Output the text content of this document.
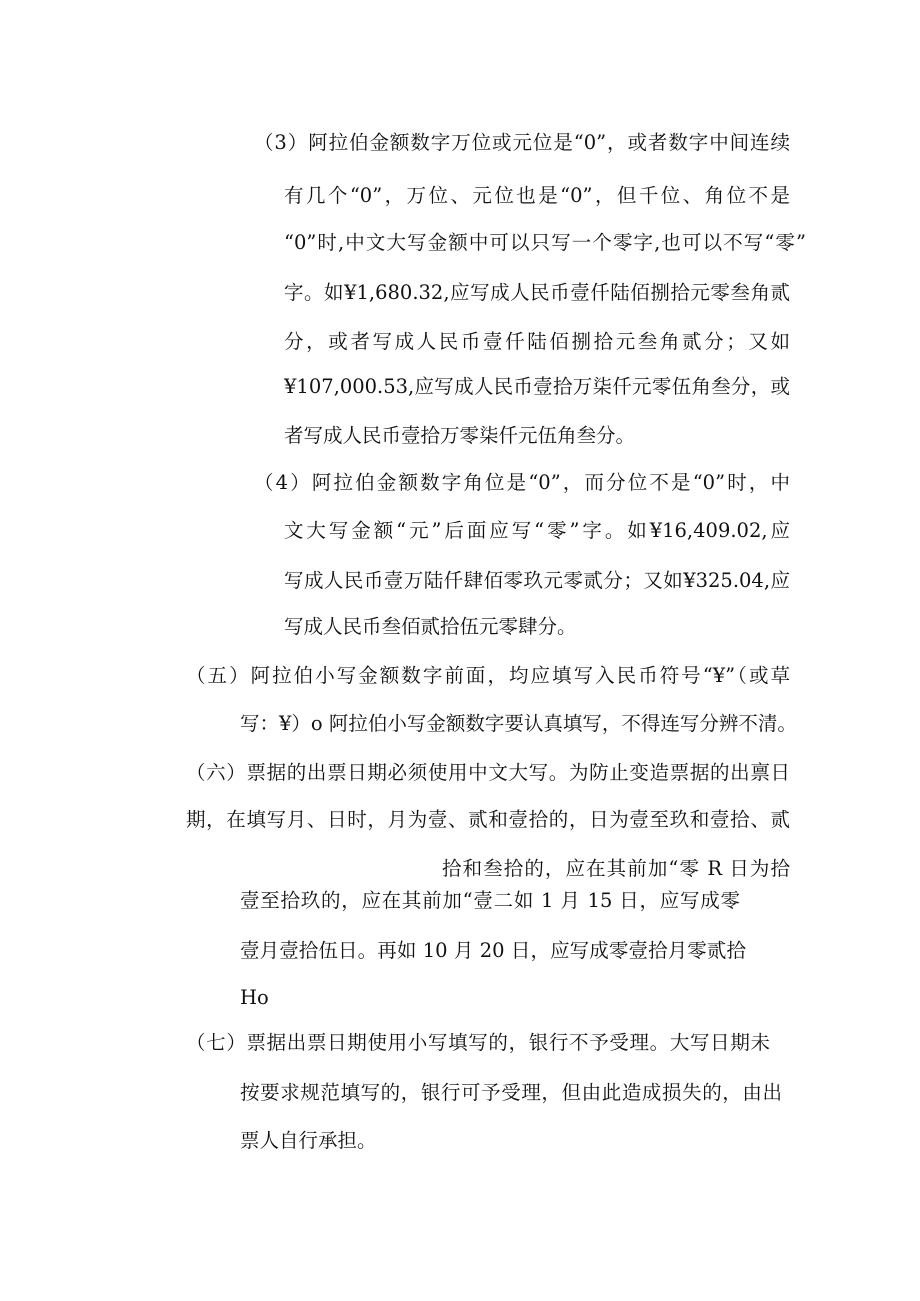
（3）阿拉伯金额数字万位或元位是“0”，或者数字中间连续

有几个“0”，万位、元位也是“0”，但千位、角位不是

“0”时,中文大写金额中可以只写一个零字,也可以不写“零”

字。如¥1,680.32,应写成人民币壹仟陆佰捌拾元零叁角贰

分，或者写成人民币壹仟陆佰捌拾元叁角贰分；又如

¥107,000.53,应写成人民币壹拾万柒仟元零伍角叁分，或

者写成人民币壹拾万零柒仟元伍角叁分。

（4）阿拉伯金额数字角位是“0”，而分位不是“0”时，中

文大写金额“元”后面应写“零”字。如¥16,409.02,应

写成人民币壹万陆仟肆佰零玖元零贰分；又如¥325.04,应

写成人民币叁佰贰拾伍元零肆分。

（五）阿拉伯小写金额数字前面，均应填写入民币符号“¥”（或草

写：¥）o 阿拉伯小写金额数字要认真填写，不得连写分辨不清。

（六）票据的出票日期必须使用中文大写。为防止变造票据的出禀日

期，在填写月、日时，月为壹、贰和壹拾的，日为壹至玖和壹拾、贰

拾和叁拾的，应在其前加“零 R 日为拾

壹至拾玖的，应在其前加“壹二如 1 月 15 日，应写成零

壹月壹拾伍日。再如 10 月 20 日，应写成零壹拾月零贰拾

Ho

（七）票据出票日期使用小写填写的，银行不予受理。大写日期未

按要求规范填写的，银行可予受理，但由此造成损失的，由出

票人自行承担。
